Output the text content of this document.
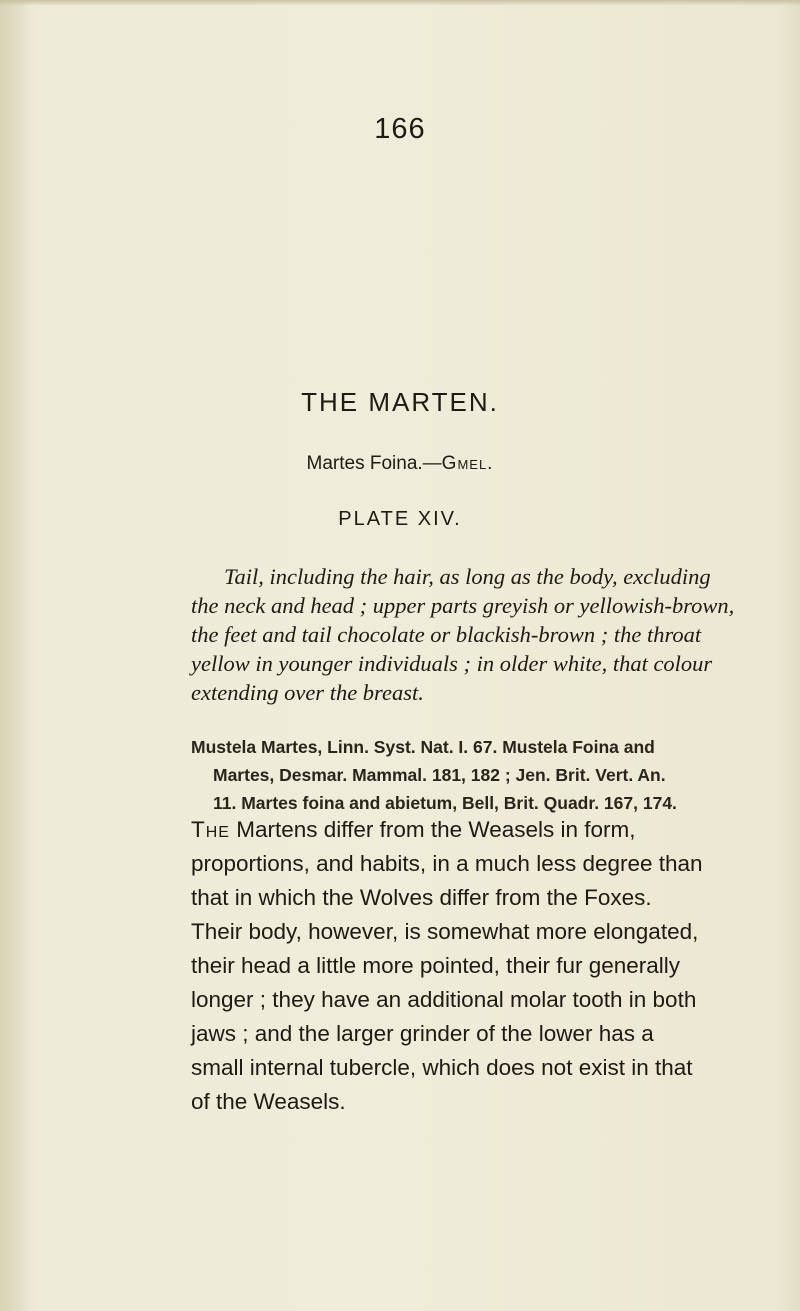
166
THE MARTEN.
Martes Foina.—Gmel.
PLATE XIV.
Tail, including the hair, as long as the body, excluding
the neck and head ; upper parts greyish or yellowish-brown,
the feet and tail chocolate or blackish-brown ; the throat
yellow in younger individuals ; in older white, that colour
extending over the breast.
Mustela Martes, Linn. Syst. Nat. I. 67. Mustela Foina and
Martes, Desmar. Mammal. 181, 182 ; Jen. Brit. Vert. An.
11. Martes foina and abietum, Bell, Brit. Quadr. 167, 174.
The Martens differ from the Weasels in form,
proportions, and habits, in a much less degree than
that in which the Wolves differ from the Foxes.
Their body, however, is somewhat more elongated,
their head a little more pointed, their fur generally
longer ; they have an additional molar tooth in both
jaws ; and the larger grinder of the lower has a
small internal tubercle, which does not exist in that
of the Weasels.
